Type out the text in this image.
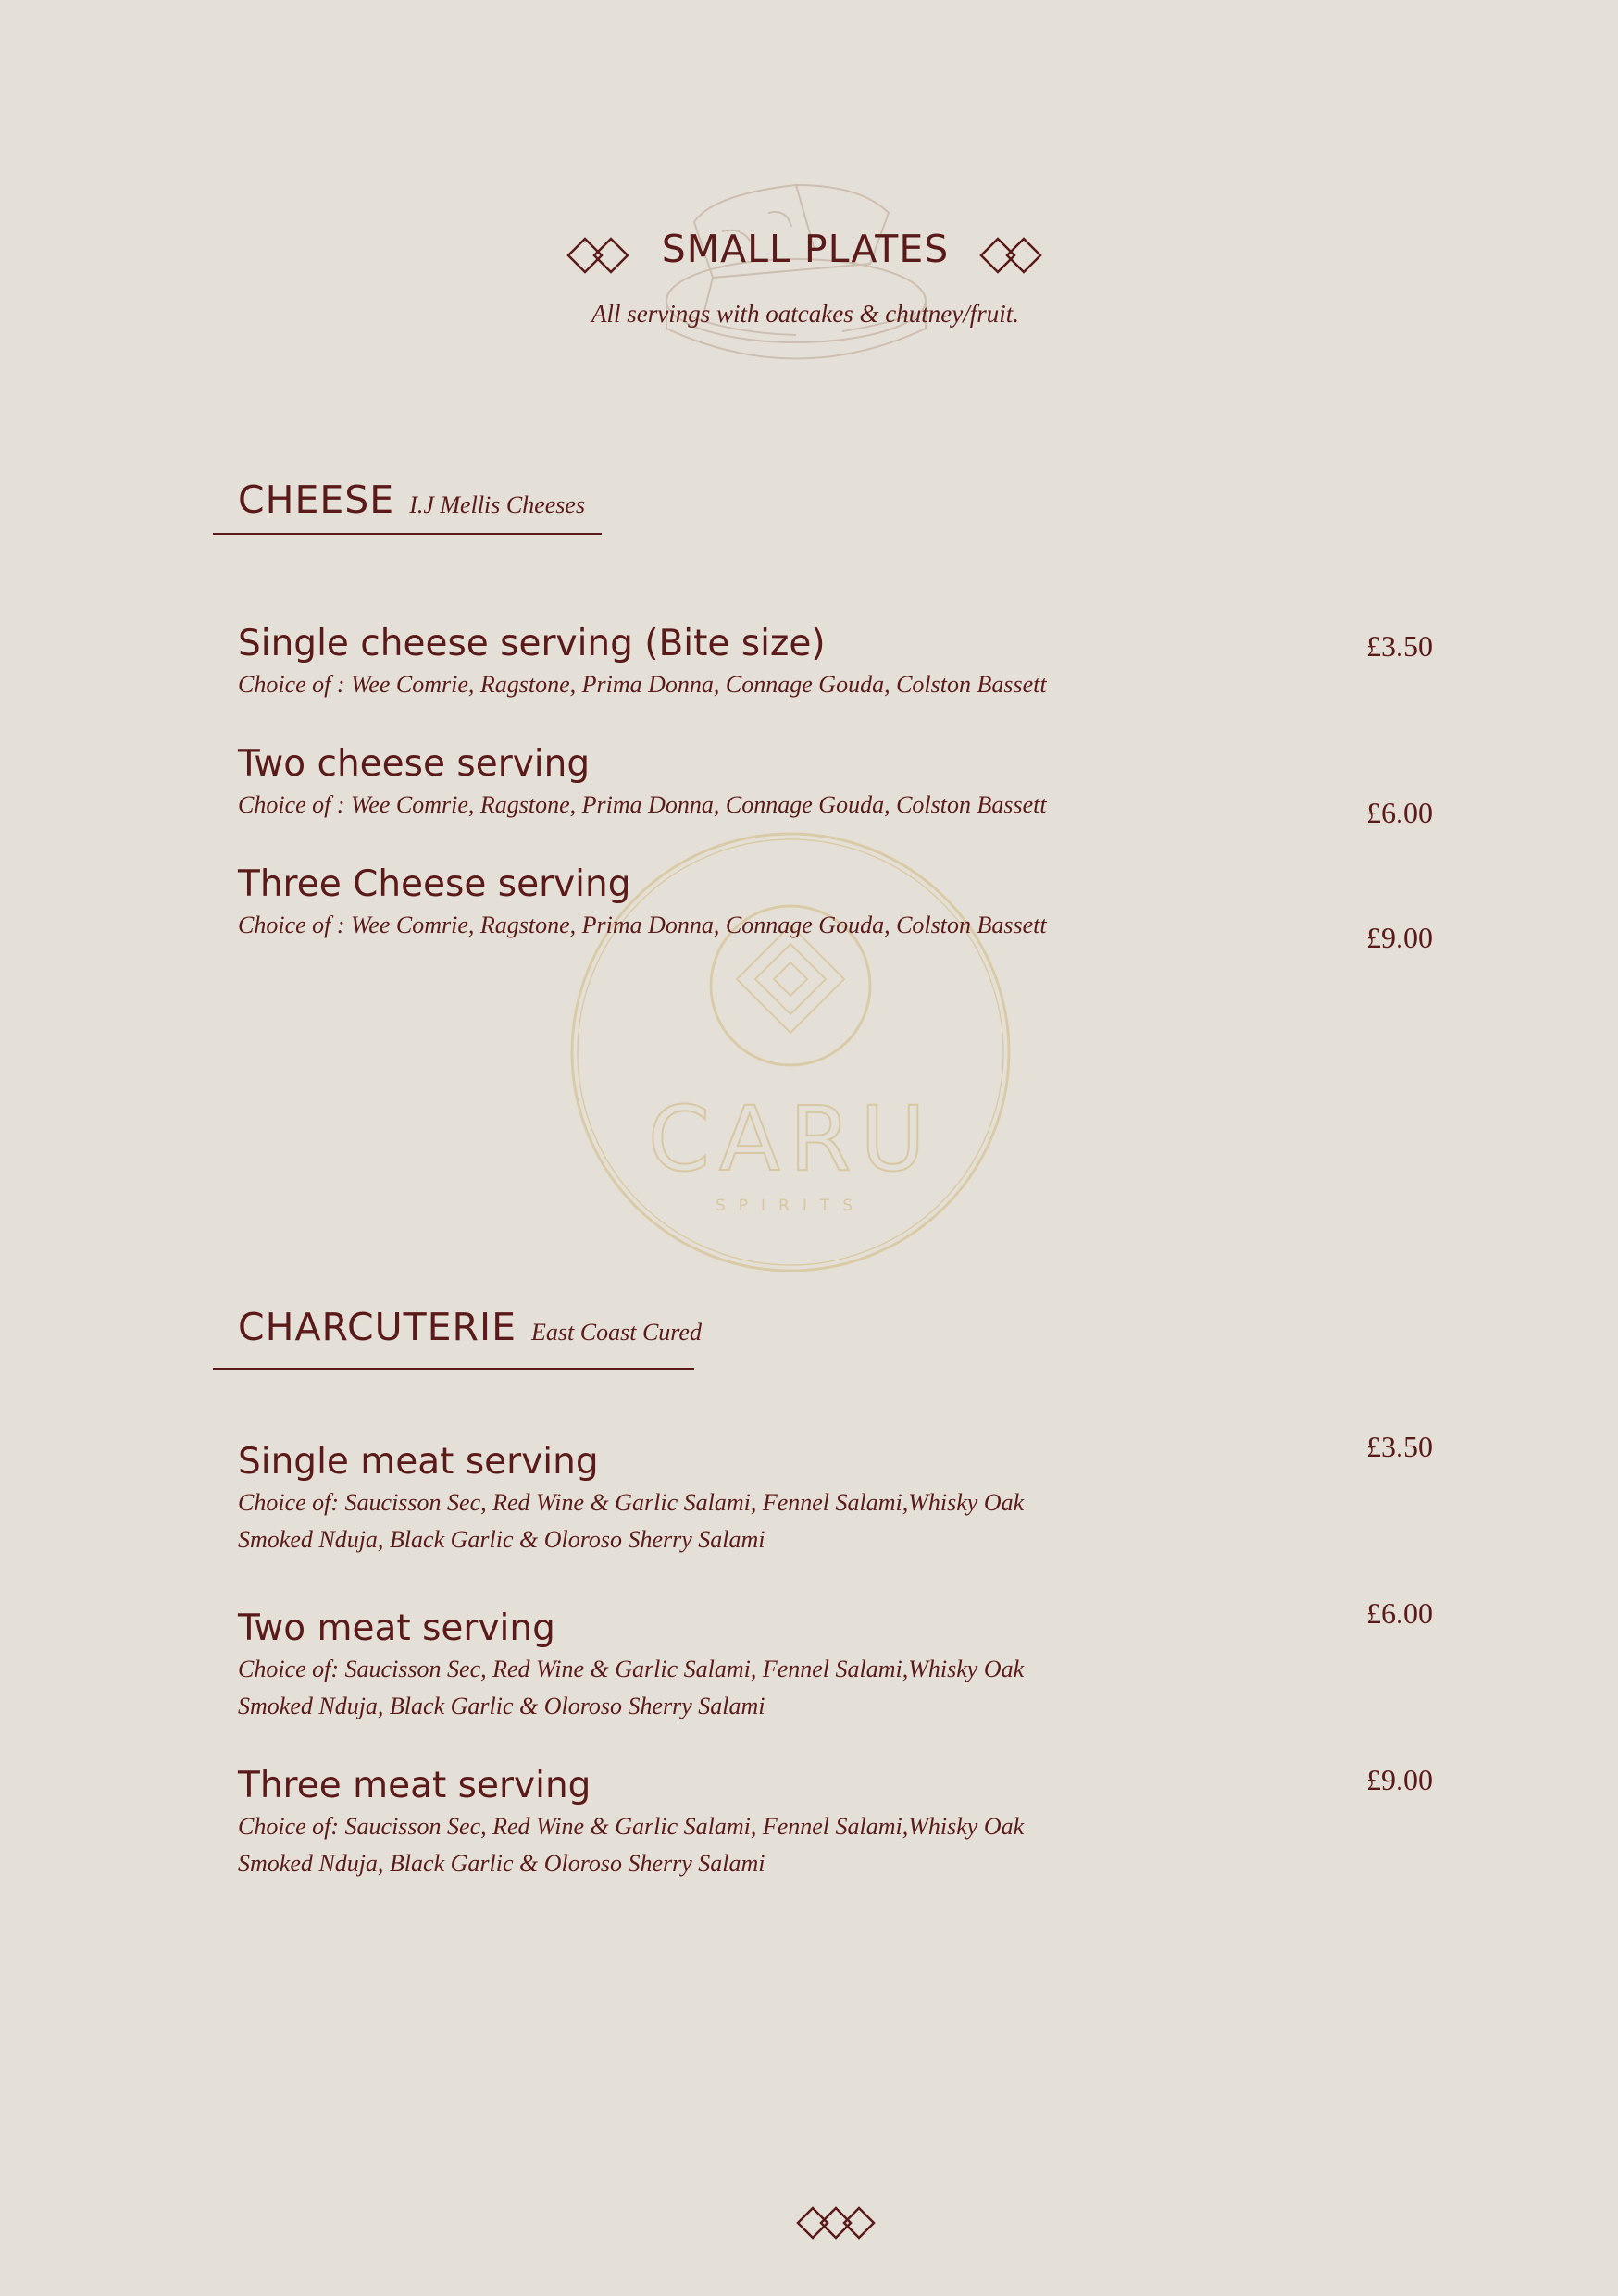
SMALL PLATES
All servings with oatcakes & chutney/fruit.
CARU
SPIRITS
CHEESE I.J Mellis Cheeses
Single cheese serving (Bite size)
Choice of : Wee Comrie, Ragstone, Prima Donna, Connage Gouda, Colston Bassett
£3.50
Two cheese serving
Choice of : Wee Comrie, Ragstone, Prima Donna, Connage Gouda, Colston Bassett	£6.00
Three Cheese serving
Choice of : Wee Comrie, Ragstone, Prima Donna, Connage Gouda, Colston Bassett	£9.00
CHARCUTERIE East Coast Cured
Single meat serving
Choice of: Saucisson Sec, Red Wine & Garlic Salami, Fennel Salami,Whisky Oak
Smoked Nduja, Black Garlic & Oloroso Sherry Salami
£3.50
Two meat serving
Choice of: Saucisson Sec, Red Wine & Garlic Salami, Fennel Salami,Whisky Oak
Smoked Nduja, Black Garlic & Oloroso Sherry Salami
£6.00
Three meat serving
Choice of: Saucisson Sec, Red Wine & Garlic Salami, Fennel Salami,Whisky Oak
Smoked Nduja, Black Garlic & Oloroso Sherry Salami
£9.00
